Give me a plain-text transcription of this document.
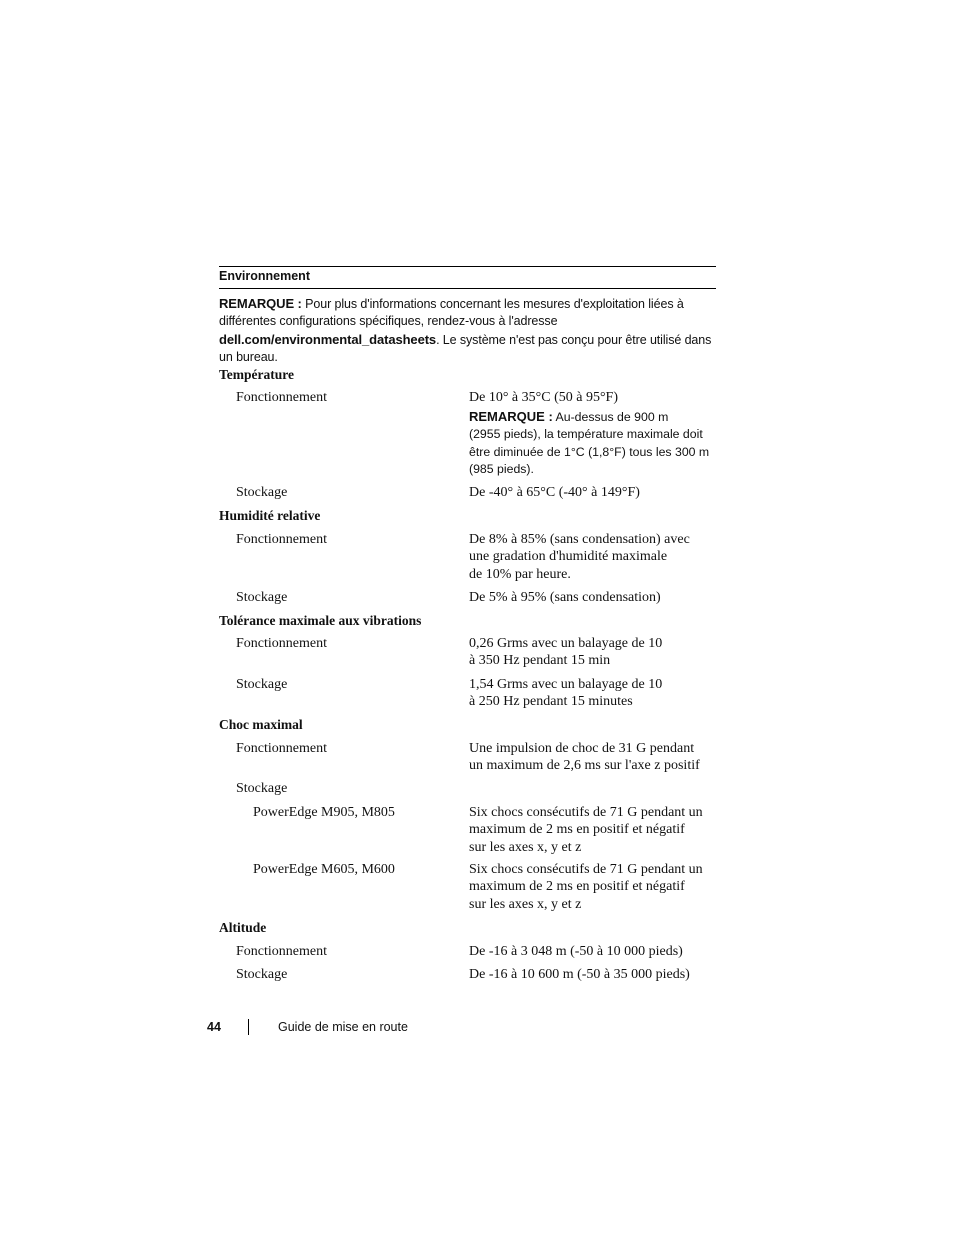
Environnement
REMARQUE : Pour plus d'informations concernant les mesures d'exploitation liées à
différentes configurations spécifiques, rendez-vous à l'adresse
dell.com/environmental_datasheets. Le système n'est pas conçu pour être utilisé dans
un bureau.
Température
Fonctionnement	De 10° à 35°C (50 à 95°F)
REMARQUE : Au-dessus de 900 m
(2955 pieds), la température maximale doit
être diminuée de 1°C (1,8°F) tous les 300 m
(985 pieds).
Stockage	De -40° à 65°C (-40° à 149°F)
Humidité relative
Fonctionnement	De 8% à 85% (sans condensation) avec
une gradation d'humidité maximale
de 10% par heure.
Stockage	De 5% à 95% (sans condensation)
Tolérance maximale aux vibrations
Fonctionnement	0,26 Grms avec un balayage de 10
à 350 Hz pendant 15 min
Stockage	1,54 Grms avec un balayage de 10
à 250 Hz pendant 15 minutes
Choc maximal
Fonctionnement	Une impulsion de choc de 31 G pendant
un maximum de 2,6 ms sur l'axe z positif
Stockage
PowerEdge M905, M805	Six chocs consécutifs de 71 G pendant un
maximum de 2 ms en positif et négatif
sur les axes x, y et z
PowerEdge M605, M600	Six chocs consécutifs de 71 G pendant un
maximum de 2 ms en positif et négatif
sur les axes x, y et z
Altitude
Fonctionnement	De -16 à 3 048 m (-50 à 10 000 pieds)
Stockage	De -16 à 10 600 m (-50 à 35 000 pieds)
44	Guide de mise en route
